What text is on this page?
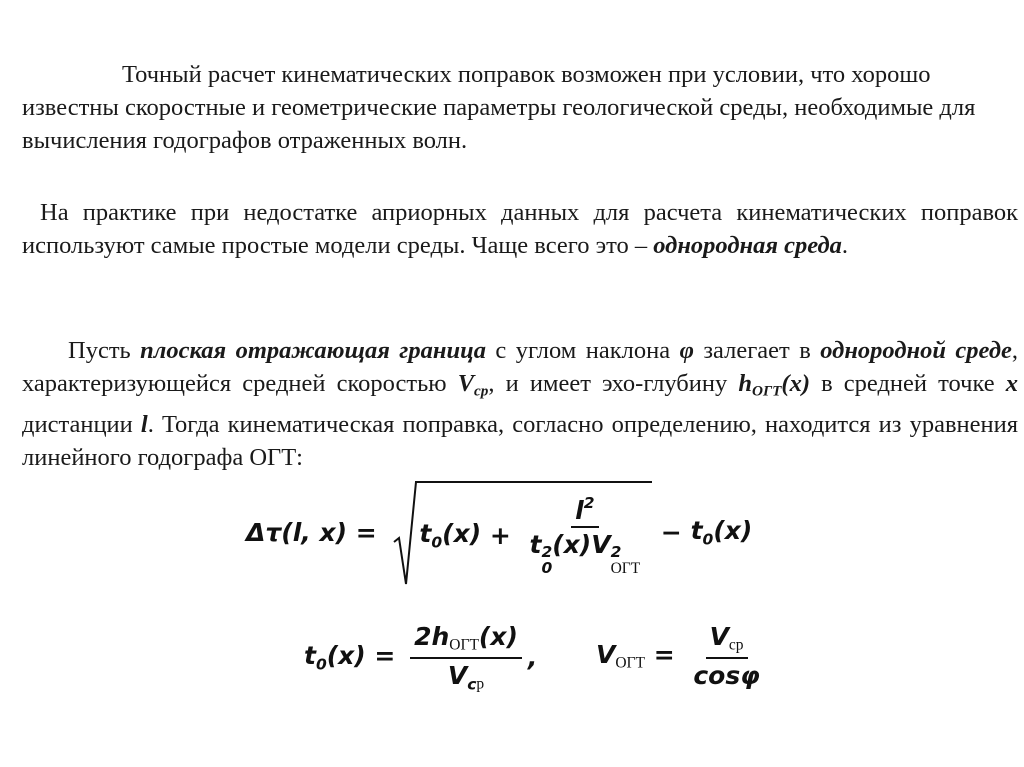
Точный расчет кинематических поправок возможен при условии, что хорошо известны скоростные и геометрические параметры геологической среды, необходимые для вычисления годографов отраженных волн.

На практике при недостатке априорных данных для расчета кинематических поправок используют самые простые модели среды. Чаще всего это – однородная среда.

Пусть плоская отражающая граница с углом наклона φ залегает в однородной среде, характеризующейся средней скоростью $V_{ср}$, и имеет эхо-глубину $h_{ОГТ}(x)$ в средней точке x дистанции l. Тогда кинематическая поправка, согласно определению, находится из уравнения линейного годографа ОГТ:

Δτ(l, $x) = t_0(x) + l^2$
t 2
0
(x)V 2
ОГТ − $t_0(x)$
$t_0(x) = \frac{\text{2hОГТ(x)}}{V_cр}$ , VОГТ = $\frac{\text{Vср}}{\cos\varphi}$
